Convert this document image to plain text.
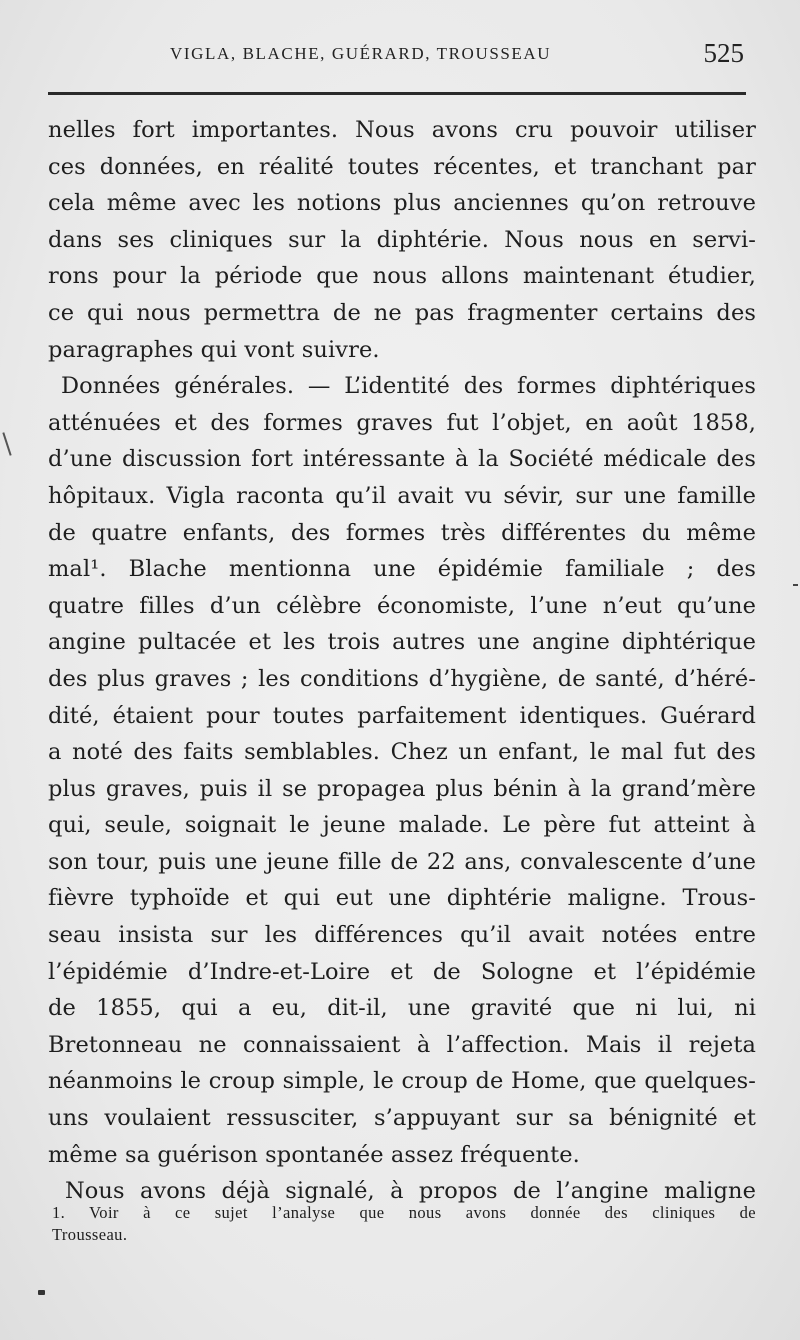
VIGLA, BLACHE, GUÉRARD, TROUSSEAU	525
nelles fort importantes. Nous avons cru pouvoir utiliser
ces données, en réalité toutes récentes, et tranchant par
cela même avec les notions plus anciennes qu’on retrouve
dans ses cliniques sur la diphtérie. Nous nous en servi-
rons pour la période que nous allons maintenant étudier,
ce qui nous permettra de ne pas fragmenter certains des
paragraphes qui vont suivre.
Données générales. — L’identité des formes diphtériques
atténuées et des formes graves fut l’objet, en août 1858,
d’une discussion fort intéressante à la Société médicale des
hôpitaux. Vigla raconta qu’il avait vu sévir, sur une famille
de quatre enfants, des formes très différentes du même
mal¹. Blache mentionna une épidémie familiale ; des
quatre filles d’un célèbre économiste, l’une n’eut qu’une
angine pultacée et les trois autres une angine diphtérique
des plus graves ; les conditions d’hygiène, de santé, d’héré-
dité, étaient pour toutes parfaitement identiques. Guérard
a noté des faits semblables. Chez un enfant, le mal fut des
plus graves, puis il se propagea plus bénin à la grand’mère
qui, seule, soignait le jeune malade. Le père fut atteint à
son tour, puis une jeune fille de 22 ans, convalescente d’une
fièvre typhoïde et qui eut une diphtérie maligne. Trous-
seau insista sur les différences qu’il avait notées entre
l’épidémie d’Indre-et-Loire et de Sologne et l’épidémie
de 1855, qui a eu, dit-il, une gravité que ni lui, ni
Bretonneau ne connaissaient à l’affection. Mais il rejeta
néanmoins le croup simple, le croup de Home, que quelques-
uns voulaient ressusciter, s’appuyant sur sa bénignité et
même sa guérison spontanée assez fréquente.
Nous avons déjà signalé, à propos de l’angine maligne
1. Voir à ce sujet l’analyse que nous avons donnée des cliniques de
Trousseau.
